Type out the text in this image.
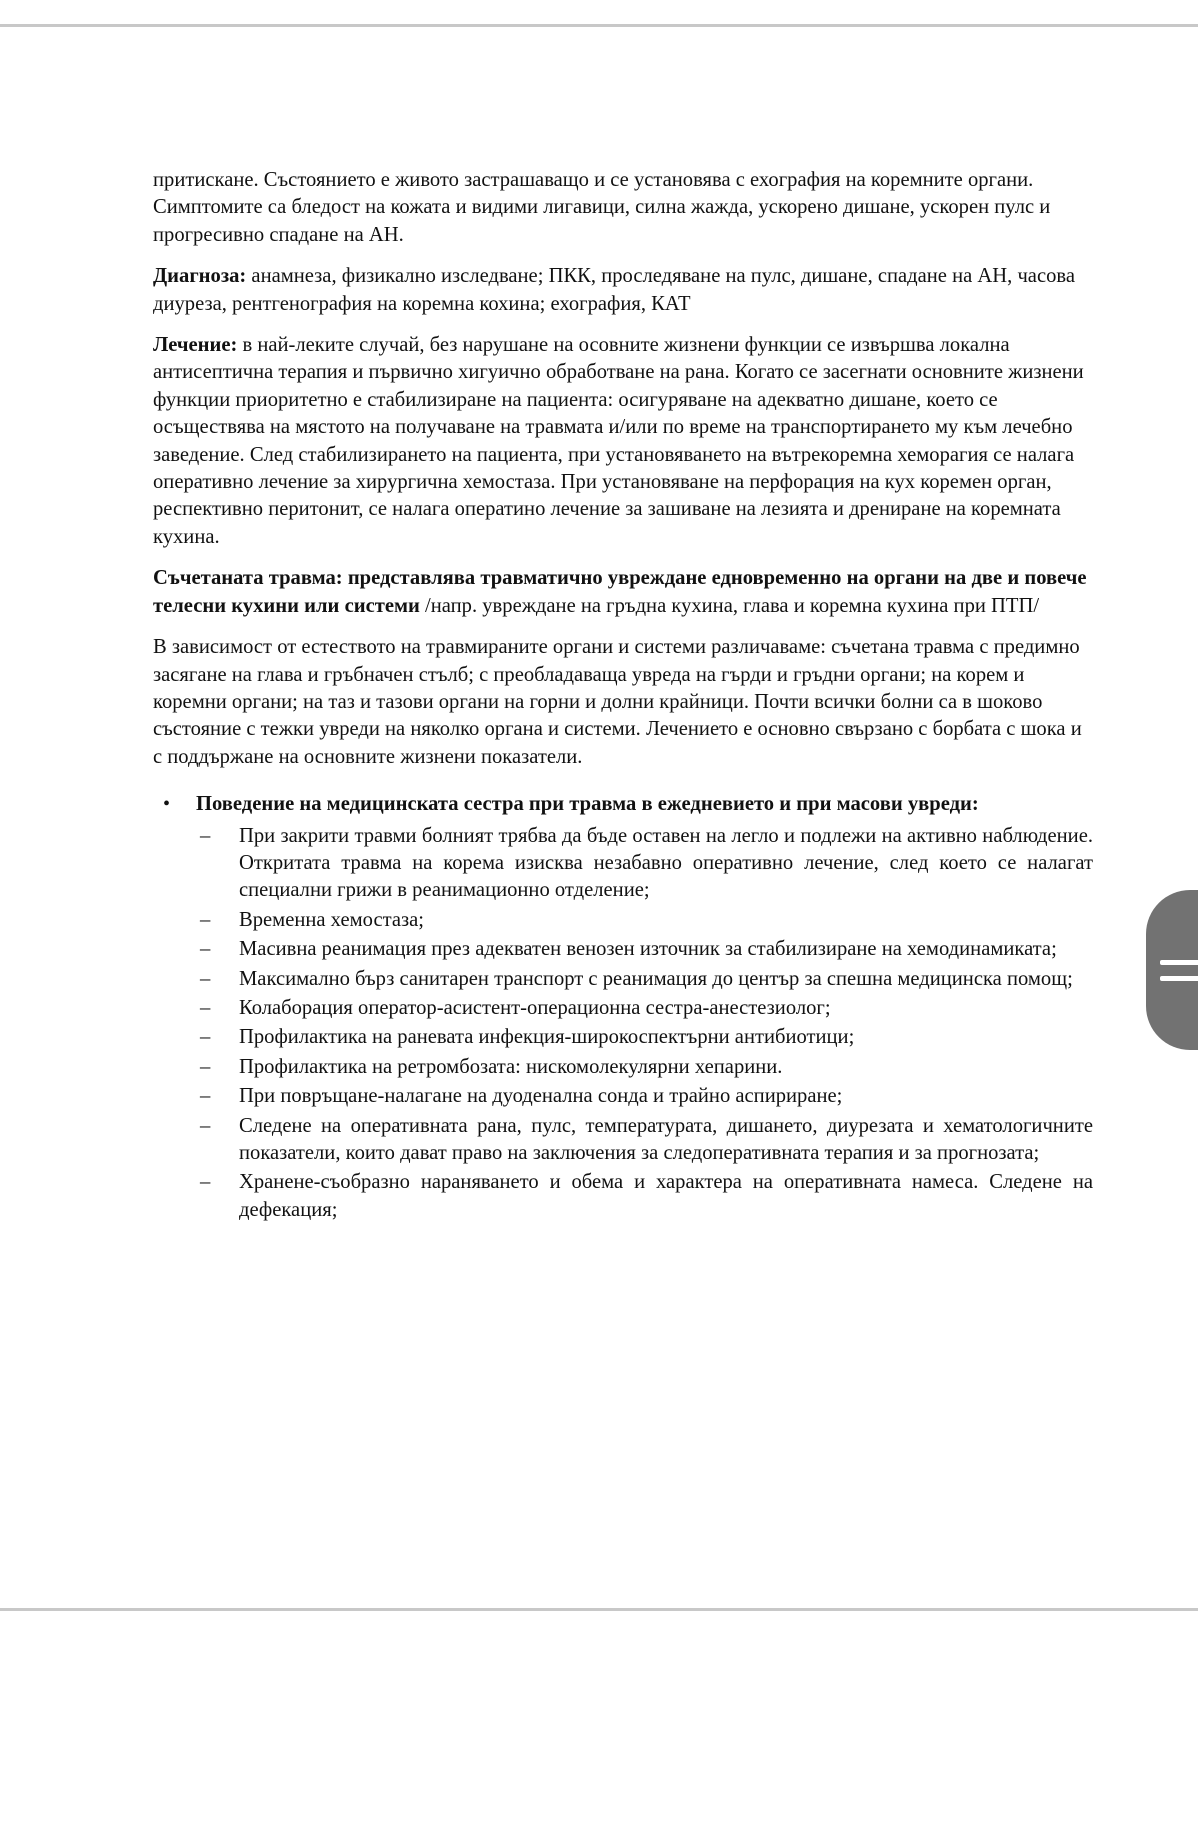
притискане. Състоянието е живото застрашаващо и се установява с ехография на коремните органи. Симптомите са бледост на кожата и видими лигавици, силна жажда, ускорено дишане, ускорен пулс и прогресивно спадане на АН.

Диагноза: анамнеза, физикално изследване; ПКК, проследяване на пулс, дишане, спадане на АН, часова диуреза, рентгенография на коремна кохина; ехография, КАТ

Лечение: в най-леките случай, без нарушане на осовните жизнени функции се извършва локална антисептична терапия и първично хигуично обработване на рана. Когато се засегнати основните жизнени функции приоритетно е стабилизиране на пациента: осигуряване на адекватно дишане, което се осъществява на мястото на получаване на травмата и/или по време на транспортирането му към лечебно заведение. След стабилизирането на пациента, при установяването на вътрекоремна хеморагия се налага оперативно лечение за хирургична хемостаза. При установяване на перфорация на кух коремен орган, респективно перитонит, се налага оператино лечение за зашиване на лезията и дрениране на коремната кухина.

Съчетаната травма: представлява травматично увреждане едновременно на органи на две и повече телесни кухини или системи /напр. увреждане на гръдна кухина, глава и коремна кухина при ПТП/

В зависимост от естеството на травмираните органи и системи различаваме: съчетана травма с предимно засягане на глава и гръбначен стълб; с преобладаваща увреда на гърди и гръдни органи; на корем и коремни органи; на таз и тазови органи на горни и долни крайници. Почти всички болни са в шоково състояние с тежки увреди на няколко органа и системи. Лечението е основно свързано с борбата с шока и с поддържане на основните жизнени показатели.

• Поведение на медицинската сестра при травма в ежедневието и при масови увреди:
– При закрити травми болният трябва да бъде оставен на легло и подлежи на активно наблюдение. Откритата травма на корема изисква незабавно оперативно лечение, след което се налагат специални грижи в реанимационно отделение;
– Временна хемостаза;
– Масивна реанимация през адекватен венозен източник за стабилизиране на хемодинамиката;
– Максимално бърз санитарен транспорт с реанимация до център за спешна медицинска помощ;
– Колаборация оператор-асистент-операционна сестра-анестезиолог;
– Профилактика на раневата инфекция-широкоспектърни антибиотици;
– Профилактика на ретромбозата: нискомолекулярни хепарини.
– При повръщане-налагане на дуоденална сонда и трайно аспириране;
– Следене на оперативната рана, пулс, температурата, дишането, диурезата и хематологичните показатели, които дават право на заключения за следоперативната терапия и за прогнозата;
– Хранене-съобразно нараняването и обема и характера на оперативната намеса. Следене на дефекация;
